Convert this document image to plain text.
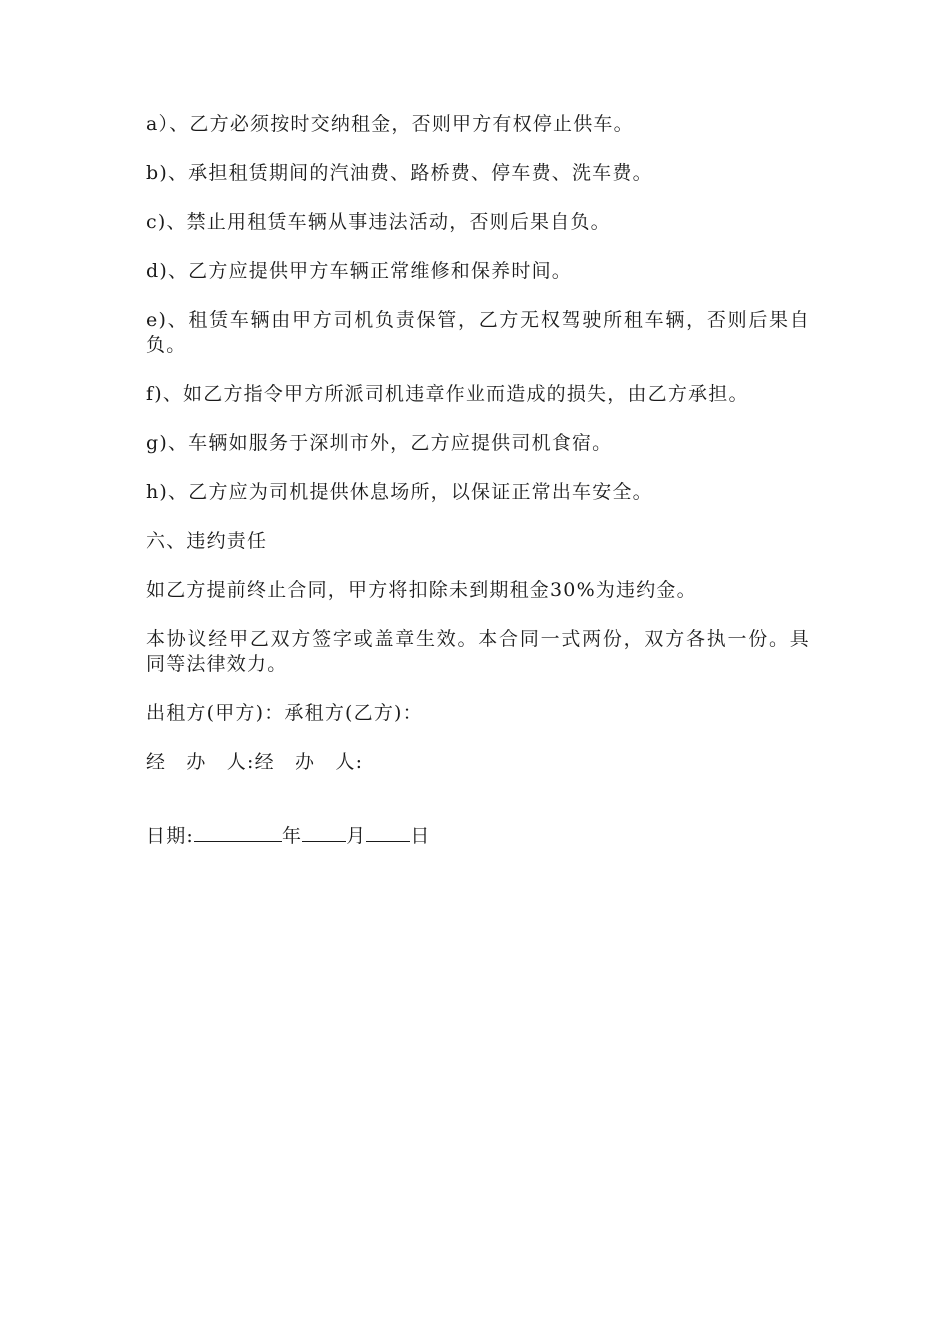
a）、乙方必须按时交纳租金，否则甲方有权停止供车。

b)、承担租赁期间的汽油费、路桥费、停车费、洗车费。

c)、禁止用租赁车辆从事违法活动，否则后果自负。

d)、乙方应提供甲方车辆正常维修和保养时间。

e)、租赁车辆由甲方司机负责保管，乙方无权驾驶所租车辆，否则后果自负。

f)、如乙方指令甲方所派司机违章作业而造成的损失，由乙方承担。

g)、车辆如服务于深圳市外，乙方应提供司机食宿。

h)、乙方应为司机提供休息场所，以保证正常出车安全。

六、违约责任

如乙方提前终止合同，甲方将扣除未到期租金30%为违约金。

本协议经甲乙双方签字或盖章生效。本合同一式两份，双方各执一份。具同等法律效力。

出租方(甲方)：承租方(乙方)：

经　办　人:经　办　人:

日期:	年 月 日
